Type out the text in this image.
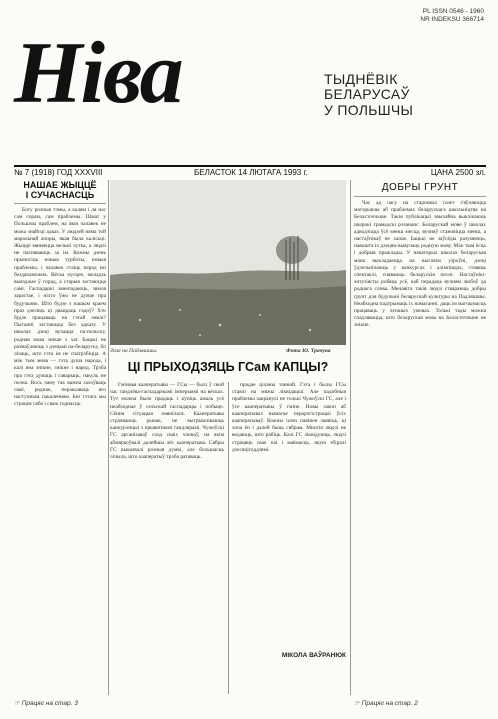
Ніва
PL ISSN 0546 - 1960
NR INDEKSU 366714
ТЫДНЁВІК
БЕЛАРУСАЎ
У ПОЛЬШЧЫ
№ 7 (1918) ГОД XXXVIII	БЕЛАСТОК 14 ЛЮТАГА 1993 г.	ЦАНА 2500 зл.
НАШАЕ ЖЫЦЦЁ
І СУЧАСНАСЦЬ

Богу розныя тэмы, а калям і ля нас сам сорам, сам праблемы. Шмат у Польшчы праблем, на якія чалавек не можа знайсці адказ. У людзей няма той маральнай апоры, якая была калісьці. Жыццё мяняецца вельмі хутка, а людзі не паспяваюць за ім. Кожны дзень прыносіць новыя турботы, новыя праблемы, і чалавек стаіць перад імі бездапаможна. Вёска пусцее, моладзь выязджае ў горад, а старыя застаюцца самі. Гаспадаркі занепадаюць, зямля зарастае, і ніхто ўжо не думае пра будучыню. Што будзе з нашым краем праз дзесяць ці дваццаць гадоў? Хто будзе працаваць на гэтай зямлі? Пытанні застаюцца без адказу. У школах дзеці вучацца па-польску, родная мова знікае з хат. Бацькі не размаўляюць з дзецьмі па-беларуску, бо лічаць, што гэта ім не спатрэбіцца. А між тым мова — гэта душа народа, і калі яна знікне, знікне і народ. Трэба пра гэта думаць і гаварыць, пакуль не позна. Вось чаму так важна захоўваць сваё, роднае, пераказваць яго наступным пакаленням. Без гэтага мы страцім сябе і сваю годнасць.

Зіма на Падляшшы.	Фота Ю. Трачука
ЦІ ПРЫХОДЗЯЦЬ ГСам КАПЦЫ?

Гміннья кааператывы — ГСы — былі ў свой час гандлёва-гаспадарчымі імперыямі на вёсках. Тут можна было прадаць і купіць амаль усё неабходнае ў сельскай гаспадарцы і побыце. Сёння сітуацыя змянілася. Кааператывы страчваюць рынак, не вытрымліваюць канкурэнцыі з прыватнымі гандлярамі. Чужоўскі ГС арганізаваў сход сваіх членаў, на якім абмяркоўвалі далейшы лёс кааператыва. Сябры ГС выказвалі розныя думкі, але большасць лічыла, што кааператыў трэба ратаваць.

прадае ціханы таннай. Гэта і былы ГСы стаялі на мяжы ліквідацыі. Але падобныя праблемы закранулі не толькі Чужоўскі ГС, але і ўсе кааператывы ў гміне. Новы закон аб кааператывах вымагае перарэгістрацыі ўсіх кааператываў. Кожны член павінен заявіць, ці хоча ён і далей быць сябрам. Многія людзі не ведаюць, што рабіць. Калі ГС ліквідуюць, людзі страцяць свае паі і маёмасць, якую збіралі дзесяцігоддзямі.

МІКОЛА ВАЎРАНЮК
ДОБРЫ ГРУНТ

Час ад часу на старонках газет з'яўляюцца матэрыялы аб праблемах беларускага школьніцтва на Беласточчыне. Такія публікацыі звычайна выклікаюць шырокі грамадскі рэзананс. Беларускай мове ў школах адводзіцца ўсё менш месца, вучняў становіцца менш, а настаўнікаў не хапае. Бацькі не заўсёды разумеюць, навошта іх дзецям вывучаць родную мову. Між тым ёсць і добрыя прыклады. У некаторых школах беларуская мова выкладаецца на высокім узроўні, дзеці ўдзельнічаюць у конкурсах і алімпіядах, ставяць спектаклі, спяваюць беларускія песні. Настаўнікі-энтузіясты робяць усё, каб перадаць вучням любоў да роднага слова. Менавіта такія людзі ствараюць добры грунт для будучыні беларускай культуры на Падляшшы. Неабходна падтрымаць іх намаганні, даць ім магчымасць працаваць у лепшых умовах. Толькі тады можна спадзявацца, што беларуская мова на Беласточчыне не знікне.

☞ Працяг на стар. 3	☞ Працяг на стар. 2
